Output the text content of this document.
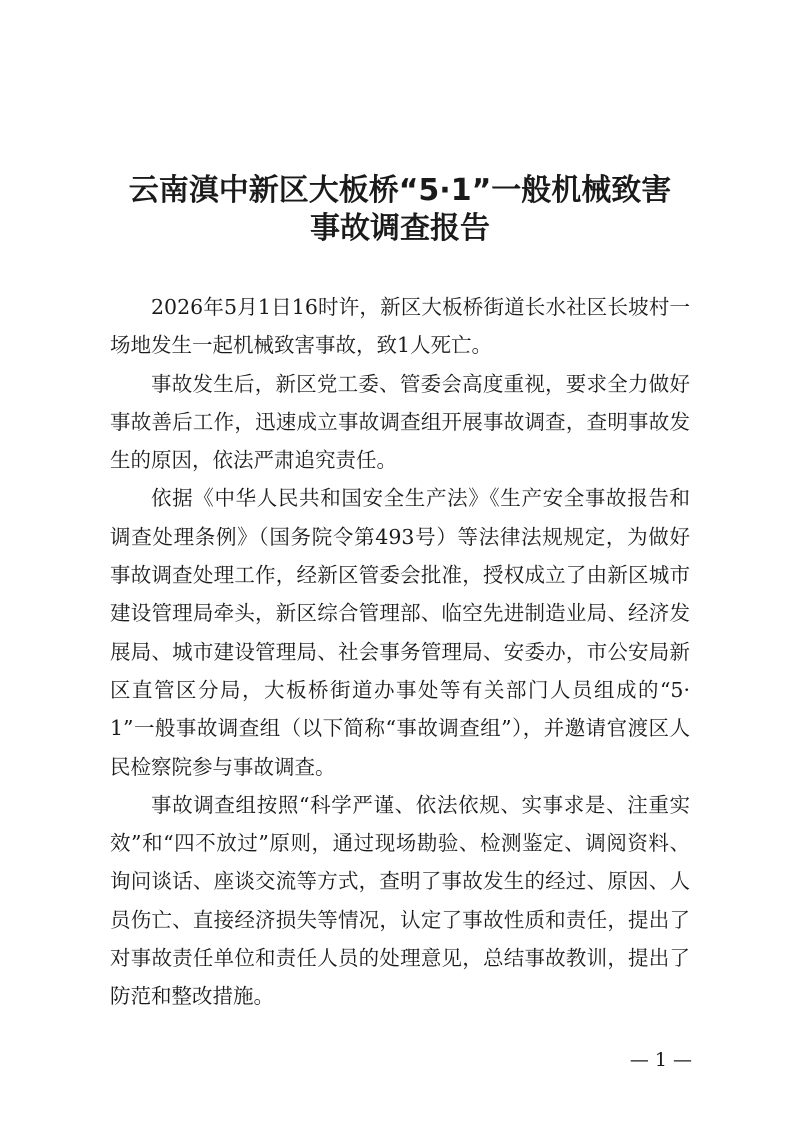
云南滇中新区大板桥“5·1”一般机械致害
事故调查报告

2026年5月1日16时许，新区大板桥街道长水社区长坡村一场地发生一起机械致害事故，致1人死亡。

事故发生后，新区党工委、管委会高度重视，要求全力做好事故善后工作，迅速成立事故调查组开展事故调查，查明事故发生的原因，依法严肃追究责任。

依据《中华人民共和国安全生产法》《生产安全事故报告和调查处理条例》（国务院令第493号）等法律法规规定，为做好事故调查处理工作，经新区管委会批准，授权成立了由新区城市建设管理局牵头，新区综合管理部、临空先进制造业局、经济发展局、城市建设管理局、社会事务管理局、安委办，市公安局新区直管区分局，大板桥街道办事处等有关部门人员组成的“5·1”一般事故调查组（以下简称“事故调查组”），并邀请官渡区人民检察院参与事故调查。

事故调查组按照“科学严谨、依法依规、实事求是、注重实效”和“四不放过”原则，通过现场勘验、检测鉴定、调阅资料、询问谈话、座谈交流等方式，查明了事故发生的经过、原因、人员伤亡、直接经济损失等情况，认定了事故性质和责任，提出了对事故责任单位和责任人员的处理意见，总结事故教训，提出了防范和整改措施。

— 1 —
